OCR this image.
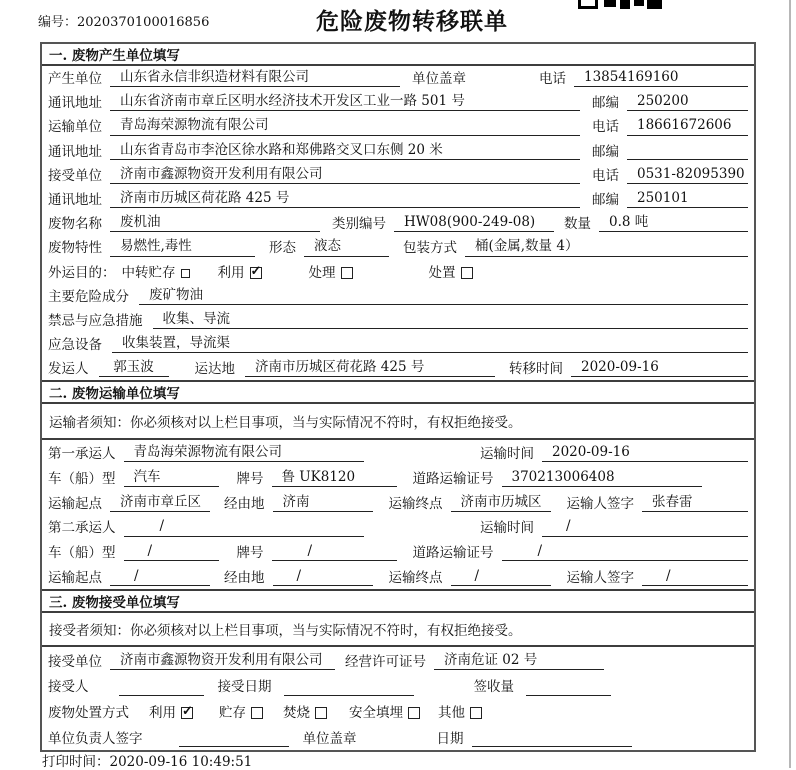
编号：2020370100016856	危险废物转移联单
一. 废物产生单位填写
产生单位	山东省永信非织造材料有限公司	单位盖章	电话	13854169160
通讯地址	山东省济南市章丘区明水经济技术开发区工业一路 501 号	邮编	250200
运输单位	青岛海荣源物流有限公司	电话	18661672606
通讯地址	山东省青岛市李沧区徐水路和郑佛路交叉口东侧 20 米	邮编
接受单位	济南市鑫源物资开发利用有限公司	电话	0531-82095390
通讯地址	济南市历城区荷花路 425 号	邮编	250101
废物名称	废机油	类别编号	HW08(900-249-08)	数量	0.8 吨
废物特性	易燃性,毒性	形态	液态	包装方式	桶(金属,数量 4）
外运目的： 中转贮存	利用 ✓	处理	处置
主要危险成分	废矿物油
禁忌与应急措施	收集、导流
应急设备	收集装置，导流渠
发运人	郭玉波	运达地	济南市历城区荷花路 425 号	转移时间	2020-09-16
二. 废物运输单位填写
运输者须知：你必须核对以上栏目事项，当与实际情况不符时，有权拒绝接受。
第一承运人	青岛海荣源物流有限公司	运输时间	2020-09-16
车（船）型	汽车	牌号	鲁 UK8120	道路运输证号	370213006408
运输起点	济南市章丘区	经由地	济南	运输终点	济南市历城区	运输人签字	张春雷
第二承运人	/	运输时间	/
车（船）型	/	牌号	/	道路运输证号	/
运输起点	/	经由地	/	运输终点	/	运输人签字	/
三. 废物接受单位填写
接受者须知：你必须核对以上栏目事项，当与实际情况不符时，有权拒绝接受。
接受单位	济南市鑫源物资开发利用有限公司	经营许可证号	济南危证 02 号
接受人	接受日期	签收量
废物处置方式 利用 ✓	贮存	焚烧	安全填埋	其他
单位负责人签字	单位盖章	日期
打印时间：2020-09-16 10:49:51
